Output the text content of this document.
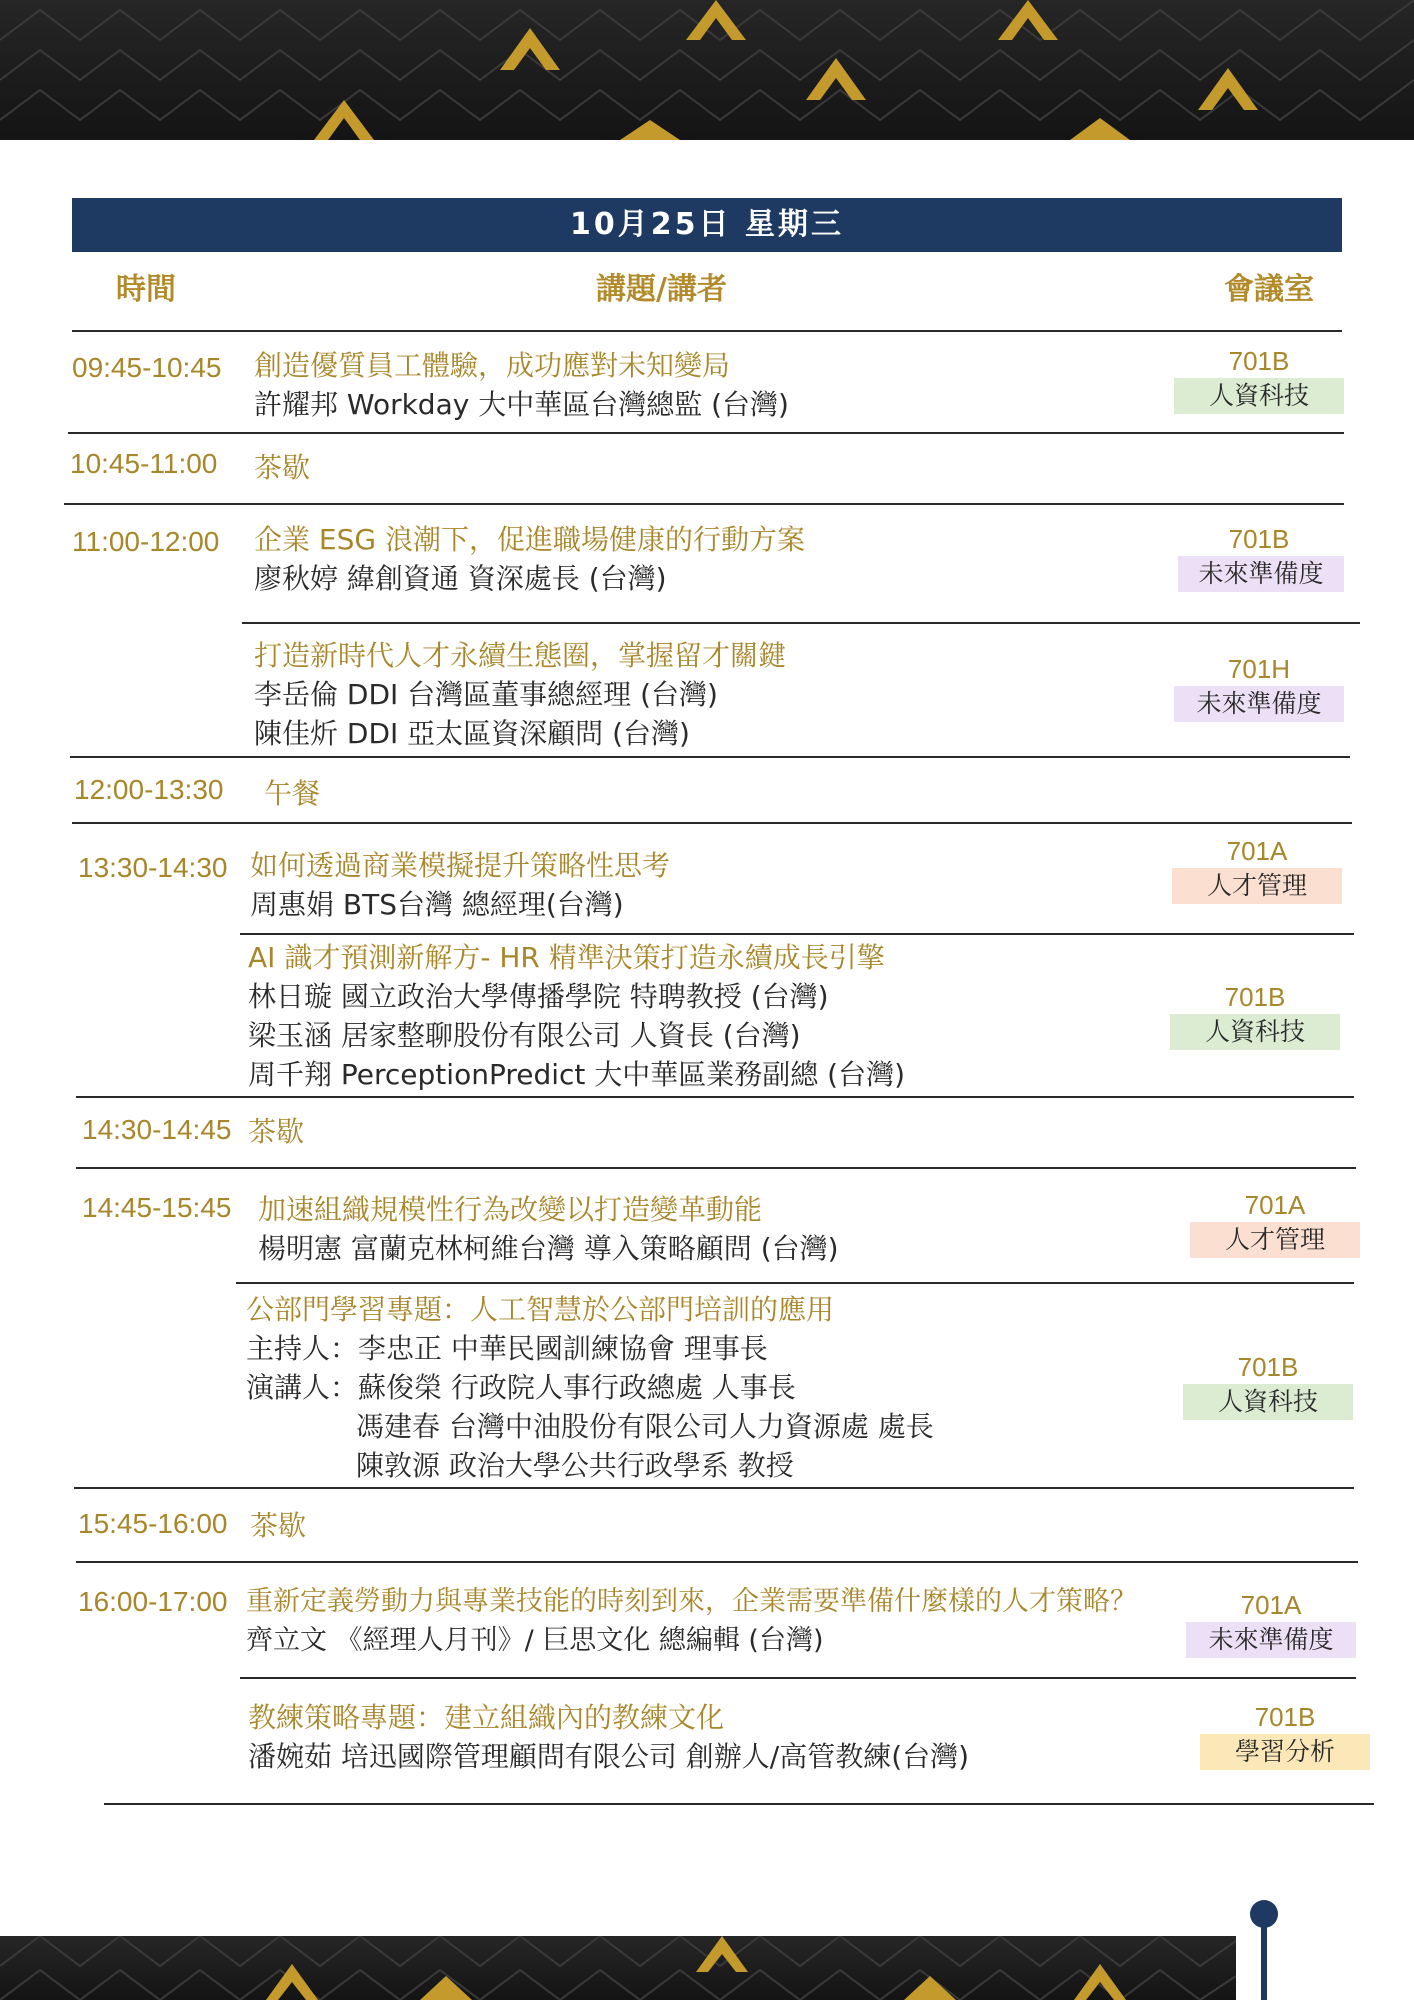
10月25日 星期三
時間	講題/講者	會議室
09:45-10:45 創造優質員工體驗，成功應對未知變局
許耀邦 Workday 大中華區台灣總監 (台灣)
701B
人資科技
10:45-11:00 茶歇
11:00-12:00 企業 ESG 浪潮下，促進職場健康的行動方案
廖秋婷 緯創資通 資深處長 (台灣)
701B
未來準備度
打造新時代人才永續生態圈，掌握留才關鍵
李岳倫 DDI 台灣區董事總經理 (台灣)
陳佳炘 DDI 亞太區資深顧問 (台灣)
701H
未來準備度
12:00-13:30 午餐
13:30-14:30 如何透過商業模擬提升策略性思考
周惠娟 BTS台灣 總經理(台灣)
701A
人才管理
AI 識才預測新解方- HR 精準決策打造永續成長引擎
林日璇 國立政治大學傳播學院 特聘教授 (台灣)
梁玉涵 居家整聊股份有限公司 人資長 (台灣)
周千翔 PerceptionPredict 大中華區業務副總 (台灣)
701B
人資科技
14:30-14:45 茶歇
14:45-15:45 加速組織規模性行為改變以打造變革動能
楊明憲 富蘭克林柯維台灣 導入策略顧問 (台灣)
701A
人才管理
公部門學習專題：人工智慧於公部門培訓的應用
主持人：李忠正 中華民國訓練協會 理事長
演講人：蘇俊榮 行政院人事行政總處 人事長
馮建春 台灣中油股份有限公司人力資源處 處長
陳敦源 政治大學公共行政學系 教授
701B
人資科技
15:45-16:00 茶歇
16:00-17:00 重新定義勞動力與專業技能的時刻到來，企業需要準備什麼樣的人才策略？
齊立文 《經理人月刊》/ 巨思文化 總編輯 (台灣)
701A
未來準備度
教練策略專題：建立組織內的教練文化
潘婉茹 培迅國際管理顧問有限公司 創辦人/高管教練(台灣)
701B
學習分析
